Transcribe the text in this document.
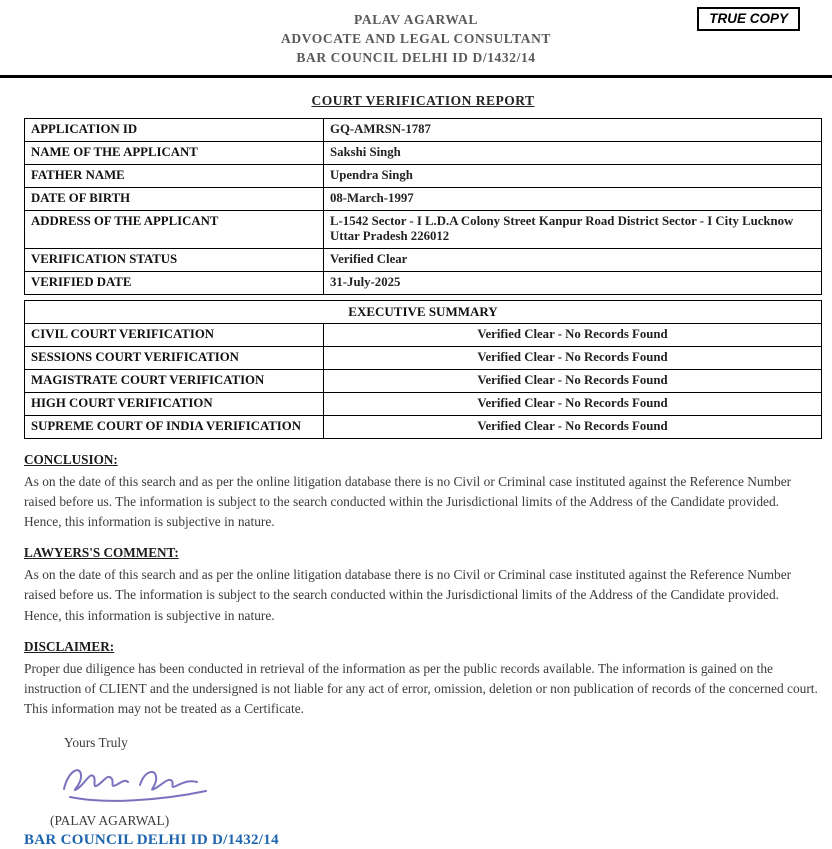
TRUE COPY
PALAV AGARWAL
ADVOCATE AND LEGAL CONSULTANT
BAR COUNCIL DELHI ID D/1432/14
COURT VERIFICATION REPORT
APPLICATION ID	GQ-AMRSN-1787
NAME OF THE APPLICANT	Sakshi Singh
FATHER NAME	Upendra Singh
DATE OF BIRTH	08-March-1997
ADDRESS OF THE APPLICANT	L-1542 Sector - I L.D.A Colony Street Kanpur Road District Sector - I City Lucknow Uttar Pradesh 226012
VERIFICATION STATUS	Verified Clear
VERIFIED DATE	31-July-2025
EXECUTIVE SUMMARY	
CIVIL COURT VERIFICATION	Verified Clear - No Records Found
SESSIONS COURT VERIFICATION	Verified Clear - No Records Found
MAGISTRATE COURT VERIFICATION	Verified Clear - No Records Found
HIGH COURT VERIFICATION	Verified Clear - No Records Found
SUPREME COURT OF INDIA VERIFICATION	Verified Clear - No Records Found
CONCLUSION:
As on the date of this search and as per the online litigation database there is no Civil or Criminal case instituted against the Reference Number raised before us. The information is subject to the search conducted within the Jurisdictional limits of the Address of the Candidate provided. Hence, this information is subjective in nature.
LAWYERS'S COMMENT:
As on the date of this search and as per the online litigation database there is no Civil or Criminal case instituted against the Reference Number raised before us. The information is subject to the search conducted within the Jurisdictional limits of the Address of the Candidate provided. Hence, this information is subjective in nature.
DISCLAIMER:
Proper due diligence has been conducted in retrieval of the information as per the public records available. The information is gained on the instruction of CLIENT and the undersigned is not liable for any act of error, omission, deletion or non publication of records of the concerned court. This information may not be treated as a Certificate.
Yours Truly
(PALAV AGARWAL)
BAR COUNCIL DELHI ID D/1432/14
